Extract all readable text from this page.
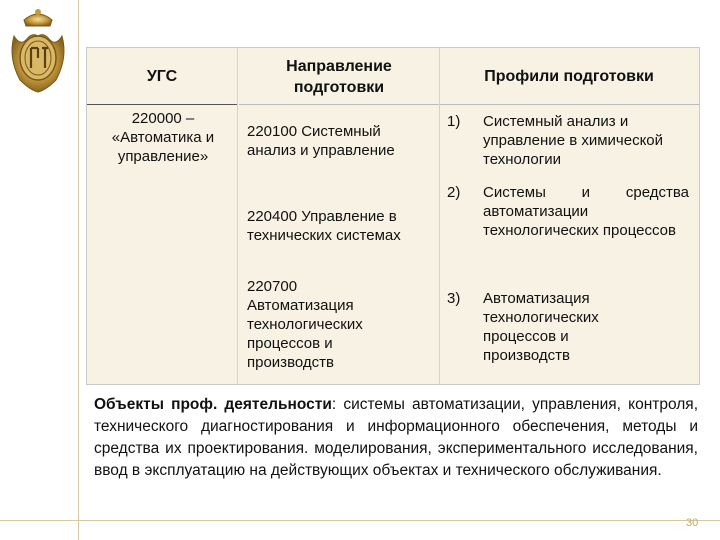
УГС
Направление подготовки
Профили подготовки
220000 – «Автоматика и управление»
220100 Системный анализ и управление
220400 Управление в технических системах
220700 Автоматизация технологических процессов и производств
1) Системный анализ и управление в химической технологии
2) Системы и средства автоматизации технологических процессов
3) Автоматизация технологических процессов и производств
Объекты проф. деятельности: системы автоматизации, управления, контроля, технического диагностирования и информационного обеспечения, методы и средства их проектирования. моделирования, экспериментального исследования, ввод в эксплуатацию на действующих объектах и технического обслуживания.
30
